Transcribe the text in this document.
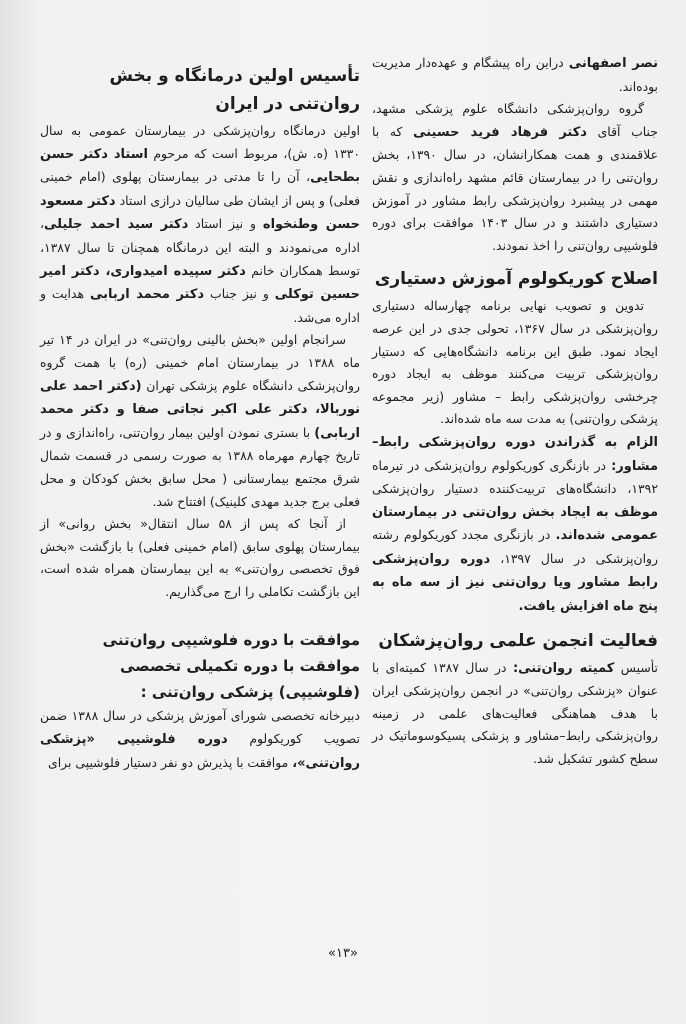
نصر اصفهانی دراین راه پیشگام و عهده‌دار مدیریت بوده‌اند.

گروه روان‌پزشکی دانشگاه علوم پزشکی مشهد، جناب آقای دکتر فرهاد فرید حسینی که با علاقمندی و همت همکارانشان، در سال ۱۳۹۰، بخش روان‌تنی را در بیمارستان قائم مشهد راه‌اندازی و نقش مهمی در پیشبرد روان‌پزشکی رابط مشاور در آموزش دستیاری داشتند و در سال ۱۴۰۳ موافقت برای دوره فلوشیپی روان‌تنی را اخذ نمودند.

اصلاح کوریکولوم آموزش دستیاری

تدوین و تصویب نهایی برنامه چهارساله دستیاری روان‌پزشکی در سال ۱۳۶۷، تحولی جدی در این عرصه ایجاد نمود. طبق این برنامه دانشگاه‌هایی که دستیار روان‌پزشکی تربیت می‌کنند موظف به ایجاد دوره چرخشی روان‌پزشکی رابط – مشاور (زیر مجموعه پزشکی روان‌تنی) به مدت سه ماه شده‌اند.

الزام به گذراندن دوره روان‌پزشکی رابط– مشاور: در بازنگری کوریکولوم روان‌پزشکی در تیرماه ۱۳۹۲، دانشگاه‌های تربیت‌کننده دستیار روان‌پزشکی موظف به ایجاد بخش روان‌تنی در بیمارستان عمومی شده‌اند. در بازنگری مجدد کوریکولوم رشته روان‌پزشکی در سال ۱۳۹۷، دوره روان‌پزشکی رابط مشاور ویا روان‌تنی نیز از سه ماه به پنج ماه افزایش یافت.

فعالیت انجمن علمی روان‌پزشکان

تأسیس کمیته روان‌تنی: در سال ۱۳۸۷ کمیته‌ای با عنوان «پزشکی روان‌تنی» در انجمن روان‌پزشکی ایران با هدف هماهنگی فعالیت‌های علمی در زمینه روان‌پزشکی رابط–مشاور و پزشکی پسیکوسوماتیک در سطح کشور تشکیل شد.

تأسیس اولین درمانگاه و بخش روان‌تنی در ایران

اولین درمانگاه روان‌پزشکی در بیمارستان عمومی به سال ۱۳۳۰ (ه. ش)، مربوط است که مرحوم استاد دکتر حسن بطحایی، آن را تا مدتی در بیمارستان پهلوی (امام خمینی فعلی) و پس از ایشان طی سالیان درازی استاد دکتر مسعود حسن وطنخواه و نیز استاد دکتر سید احمد جلیلی، اداره می‌نمودند و البته این درمانگاه همچنان تا سال ۱۳۸۷، توسط همکاران خانم دکتر سپیده امیدواری، دکتر امیر حسین توکلی و نیز جناب دکتر محمد اربابی هدایت و اداره می‌شد.

سرانجام اولین «بخش بالینی روان‌تنی» در ایران در ۱۴ تیر ماه ۱۳۸۸ در بیمارستان امام خمینی (ره) با همت گروه روان‌پزشکی دانشگاه علوم پزشکی تهران (دکتر احمد علی نوربالا، دکتر علی اکبر نجاتی صفا و دکتر محمد اربابی) با بستری نمودن اولین بیمار روان‌تنی، راه‌اندازی و در تاریخ چهارم مهرماه ۱۳۸۸ به صورت رسمی در قسمت شمال شرق مجتمع بیمارستانی ( محل سابق بخش کودکان و محل فعلی برج جدید مهدی کلینیک) افتتاح شد.

از آنجا که پس از ۵۸ سال انتقال« بخش روانی» از بیمارستان پهلوی سابق (امام خمینی فعلی) با بازگشت «بخش فوق تخصصی روان‌تنی» به این بیمارستان همراه شده است، این بازگشت تکاملی را ارج می‌گذاریم.

موافقت با دوره فلوشیپی روان‌تنی
موافقت با دوره تکمیلی تخصصی (فلوشیپی) پزشکی روان‌تنی :

دبیرخانه تخصصی شورای آموزش پزشکی در سال ۱۳۸۸ ضمن تصویب کوریکولوم دوره فلوشیپی «پزشکی روان‌تنی»، موافقت با پذیرش دو نفر دستیار فلوشیپی برای

«۱۳»
